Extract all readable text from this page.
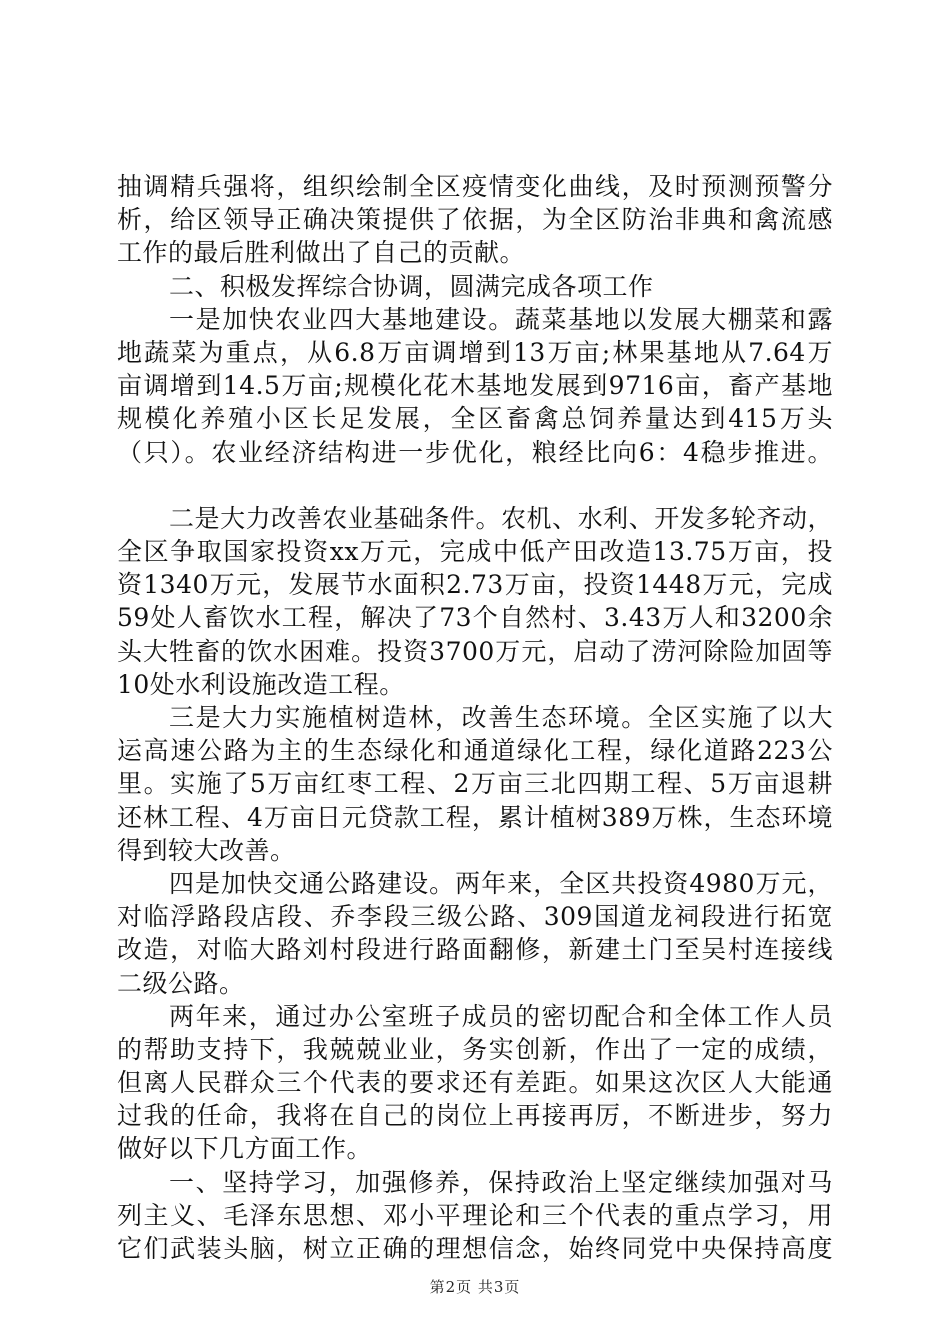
抽调精兵强将，组织绘制全区疫情变化曲线，及时预测预警分
析，给区领导正确决策提供了依据，为全区防治非典和禽流感
工作的最后胜利做出了自己的贡献。
二、积极发挥综合协调，圆满完成各项工作
一是加快农业四大基地建设。蔬菜基地以发展大棚菜和露
地蔬菜为重点，从6.8万亩调增到13万亩;林果基地从7.64万
亩调增到14.5万亩;规模化花木基地发展到9716亩，畜产基地
规模化养殖小区长足发展，全区畜禽总饲养量达到415万头
（只）。农业经济结构进一步优化，粮经比向6：4稳步推进。
二是大力改善农业基础条件。农机、水利、开发多轮齐动，
全区争取国家投资xx万元，完成中低产田改造13.75万亩，投
资1340万元，发展节水面积2.73万亩，投资1448万元，完成
59处人畜饮水工程，解决了73个自然村、3.43万人和3200余
头大牲畜的饮水困难。投资3700万元，启动了涝河除险加固等
10处水利设施改造工程。
三是大力实施植树造林，改善生态环境。全区实施了以大
运高速公路为主的生态绿化和通道绿化工程，绿化道路223公
里。实施了5万亩红枣工程、2万亩三北四期工程、5万亩退耕
还林工程、4万亩日元贷款工程，累计植树389万株，生态环境
得到较大改善。
四是加快交通公路建设。两年来，全区共投资4980万元，
对临浮路段店段、乔李段三级公路、309国道龙祠段进行拓宽
改造，对临大路刘村段进行路面翻修，新建土门至吴村连接线
二级公路。
两年来，通过办公室班子成员的密切配合和全体工作人员
的帮助支持下，我兢兢业业，务实创新，作出了一定的成绩，
但离人民群众三个代表的要求还有差距。如果这次区人大能通
过我的任命，我将在自己的岗位上再接再厉，不断进步，努力
做好以下几方面工作。
一、坚持学习，加强修养，保持政治上坚定继续加强对马
列主义、毛泽东思想、邓小平理论和三个代表的重点学习，用
它们武装头脑，树立正确的理想信念，始终同党中央保持高度
第2页 共3页
